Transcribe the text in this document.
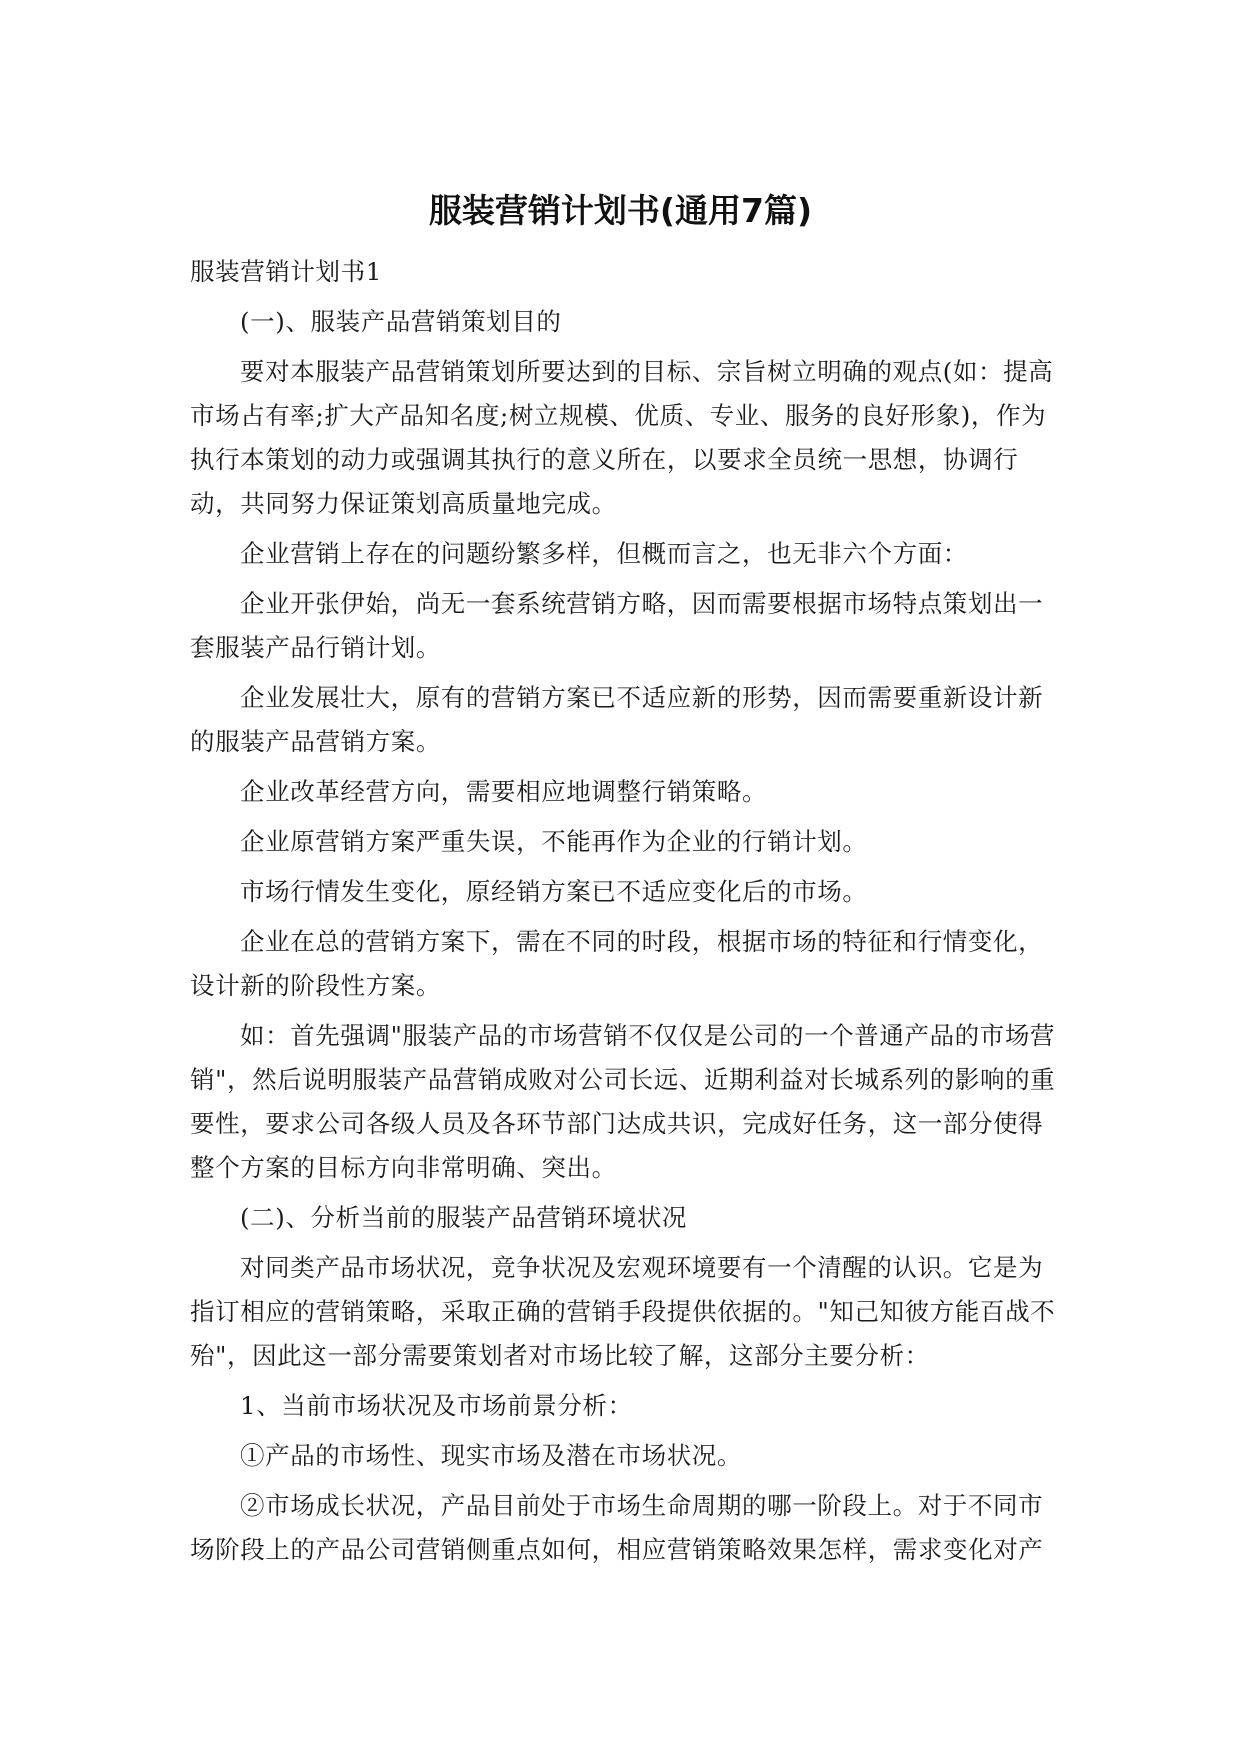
服装营销计划书(通用7篇)

服装营销计划书1

(一)、服装产品营销策划目的

要对本服装产品营销策划所要达到的目标、宗旨树立明确的观点(如：提高市场占有率;扩大产品知名度;树立规模、优质、专业、服务的良好形象)，作为执行本策划的动力或强调其执行的意义所在，以要求全员统一思想，协调行动，共同努力保证策划高质量地完成。

企业营销上存在的问题纷繁多样，但概而言之，也无非六个方面：

企业开张伊始，尚无一套系统营销方略，因而需要根据市场特点策划出一套服装产品行销计划。

企业发展壮大，原有的营销方案已不适应新的形势，因而需要重新设计新的服装产品营销方案。

企业改革经营方向，需要相应地调整行销策略。

企业原营销方案严重失误，不能再作为企业的行销计划。

市场行情发生变化，原经销方案已不适应变化后的市场。

企业在总的营销方案下，需在不同的时段，根据市场的特征和行情变化，设计新的阶段性方案。

如：首先强调"服装产品的市场营销不仅仅是公司的一个普通产品的市场营销"，然后说明服装产品营销成败对公司长远、近期利益对长城系列的影响的重要性，要求公司各级人员及各环节部门达成共识，完成好任务，这一部分使得整个方案的目标方向非常明确、突出。

(二)、分析当前的服装产品营销环境状况

对同类产品市场状况，竞争状况及宏观环境要有一个清醒的认识。它是为指订相应的营销策略，采取正确的营销手段提供依据的。"知己知彼方能百战不殆"，因此这一部分需要策划者对市场比较了解，这部分主要分析：

1、当前市场状况及市场前景分析：

①产品的市场性、现实市场及潜在市场状况。

②市场成长状况，产品目前处于市场生命周期的哪一阶段上。对于不同市场阶段上的产品公司营销侧重点如何，相应营销策略效果怎样，需求变化对产
